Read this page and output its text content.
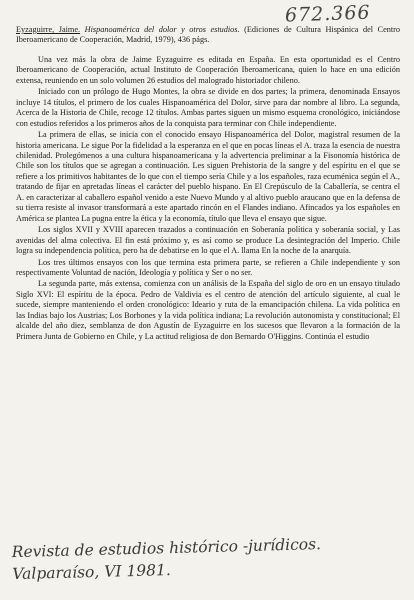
672.366

Eyzaguirre, Jaime. Hispanoamérica del dolor y otros estudios. (Ediciones de Cultura Hispánica del Centro Iberoamericano de Cooperación, Madrid, 1979), 436 págs.

Una vez más la obra de Jaime Eyzaguirre es editada en España. En esta oportunidad es el Centro Iberoamericano de Cooperación, actual Instituto de Cooperación Iberoamericana, quien lo hace en una edición extensa, reuniendo en un solo volumen 26 estudios del malogrado historiador chileno.

Iniciado con un prólogo de Hugo Montes, la obra se divide en dos partes; la primera, denominada Ensayos incluye 14 títulos, el primero de los cuales Hispanoamérica del Dolor, sirve para dar nombre al libro. La segunda, Acerca de la Historia de Chile, recoge 12 títulos. Ambas partes siguen un mismo esquema cronológico, iniciándose con estudios referidos a los primeros años de la conquista para terminar con Chile independiente.

La primera de ellas, se inicia con el conocido ensayo Hispanoamérica del Dolor, magistral resumen de la historia americana. Le sigue Por la fidelidad a la esperanza en el que en pocas líneas el A. traza la esencia de nuestra chilenidad. Prolegómenos a una cultura hispanoamericana y la advertencia preliminar a la Fisonomía histórica de Chile son los títulos que se agregan a continuación. Les siguen Prehistoria de la sangre y del espíritu en el que se refiere a los primitivos habitantes de lo que con el tiempo sería Chile y a los españoles, raza ecuménica según el A., tratando de fijar en apretadas líneas el carácter del pueblo hispano. En El Crepúsculo de la Caballería, se centra el A. en caracterizar al caballero español venido a este Nuevo Mundo y al altivo pueblo araucano que en la defensa de su tierra resiste al invasor transformará a este apartado rincón en el Flandes indiano. Afincados ya los españoles en América se plantea La pugna entre la ética y la economía, título que lleva el ensayo que sigue.

Los siglos XVII y XVIII aparecen trazados a continuación en Soberanía política y soberanía social, y Las avenidas del alma colectiva. El fin está próximo y, es así como se produce La desintegración del Imperio. Chile logra su independencia política, pero ha de debatirse en lo que el A. llama En la noche de la anarquía.

Los tres últimos ensayos con los que termina esta primera parte, se refieren a Chile independiente y son respectivamente Voluntad de nación, Ideología y política y Ser o no ser.

La segunda parte, más extensa, comienza con un análisis de la España del siglo de oro en un ensayo titulado Siglo XVI: El espíritu de la época. Pedro de Valdivia es el centro de atención del artículo siguiente, al cual le sucede, siempre manteniendo el orden cronológico: Ideario y ruta de la emancipación chilena. La vida política en las Indias bajo los Austrias; Los Borbones y la vida política indiana; La revolución autonomista y constitucional; El alcalde del año diez, semblanza de don Agustín de Eyzaguirre en los sucesos que llevaron a la formación de la Primera Junta de Gobierno en Chile, y La actitud religiosa de don Bernardo O'Higgins. Continúa el estudio

Revista de estudios histórico -jurídicos.
Valparaíso, VI 1981.
